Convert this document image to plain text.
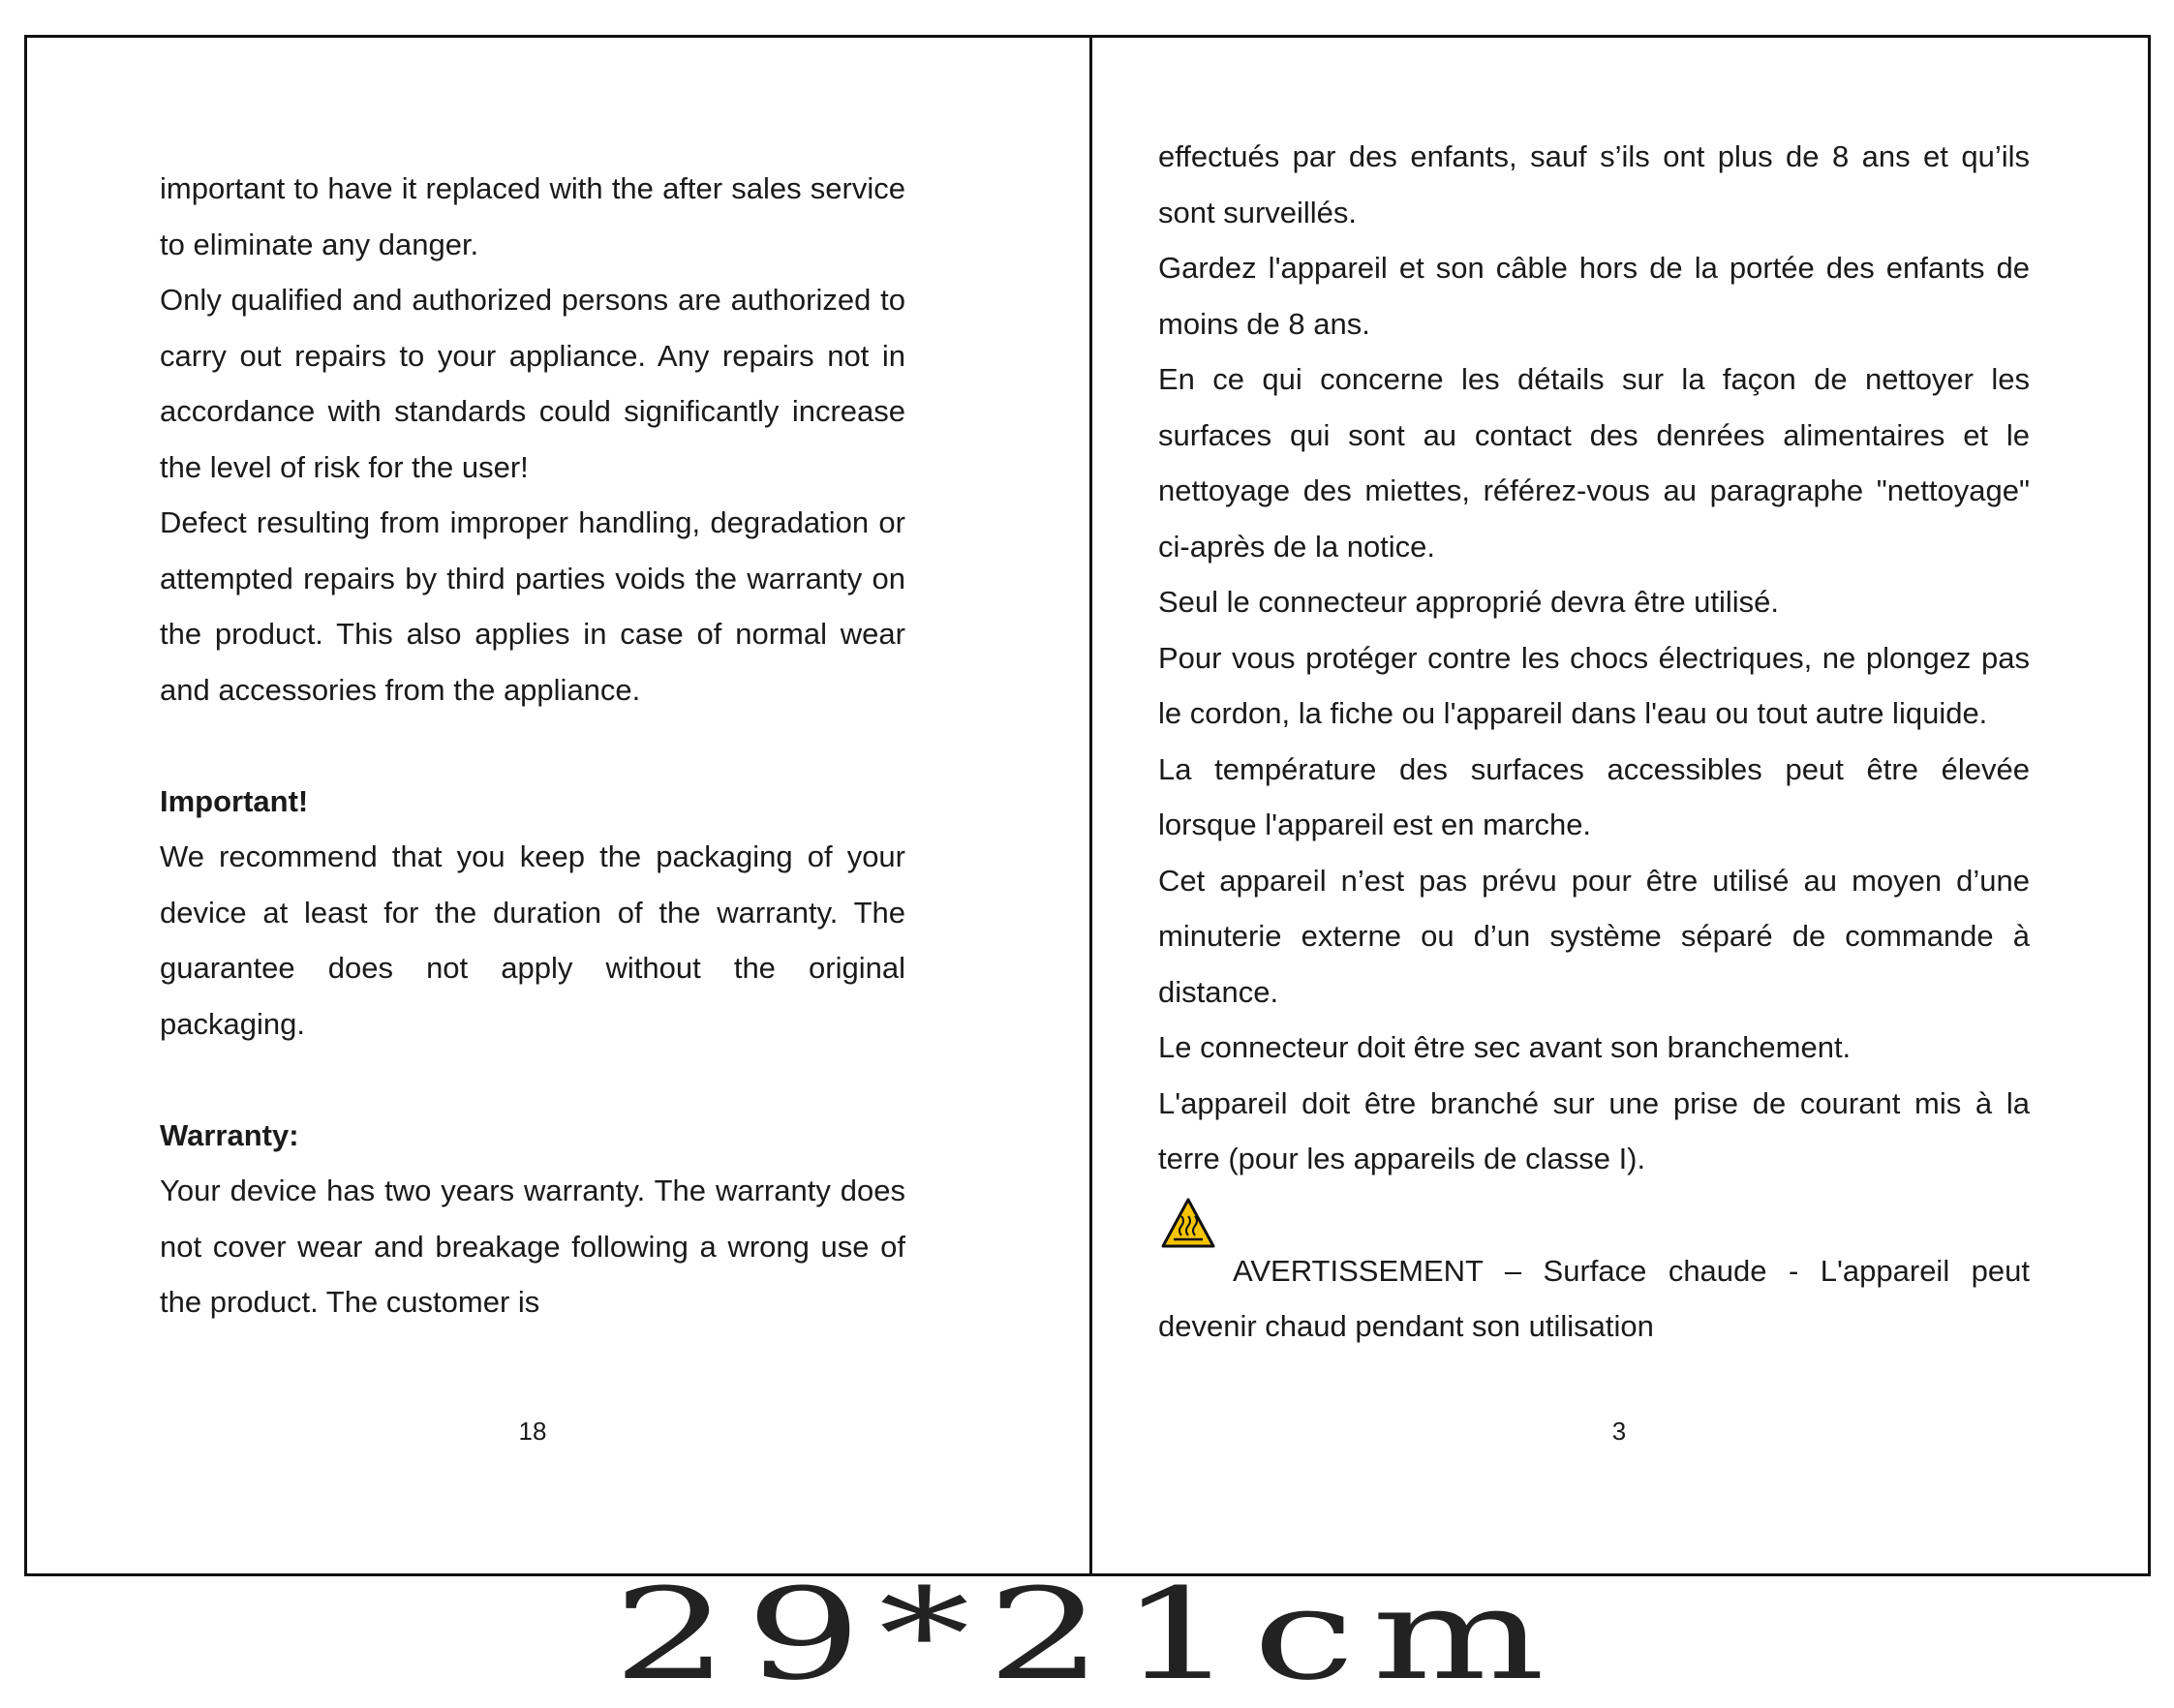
important to have it replaced with the after sales service to eliminate any danger.

Only qualified and authorized persons are authorized to carry out repairs to your appliance. Any repairs not in accordance with standards could significantly increase the level of risk for the user!

Defect resulting from improper handling, degradation or attempted repairs by third parties voids the warranty on the product. This also applies in case of normal wear and accessories from the appliance.

Important!

We recommend that you keep the packaging of your device at least for the duration of the warranty. The guarantee does not apply without the original packaging.

Warranty:

Your device has two years warranty. The warranty does not cover wear and breakage following a wrong use of the product. The customer is

18

effectués par des enfants, sauf s’ils ont plus de 8 ans et qu’ils sont surveillés.

Gardez l'appareil et son câble hors de la portée des enfants de moins de 8 ans.

En ce qui concerne les détails sur la façon de nettoyer les surfaces qui sont au contact des denrées alimentaires et le nettoyage des miettes, référez-vous au paragraphe "nettoyage" ci-après de la notice.

Seul le connecteur approprié devra être utilisé.

Pour vous protéger contre les chocs électriques, ne plongez pas le cordon, la fiche ou l'appareil dans l'eau ou tout autre liquide.

La température des surfaces accessibles peut être élevée lorsque l'appareil est en marche.

Cet appareil n’est pas prévu pour être utilisé au moyen d’une minuterie externe ou d’un système séparé de commande à distance.

Le connecteur doit être sec avant son branchement.

L'appareil doit être branché sur une prise de courant mis à la terre (pour les appareils de classe I).

AVERTISSEMENT – Surface chaude - L'appareil peut devenir chaud pendant son utilisation

3
29*21cm
